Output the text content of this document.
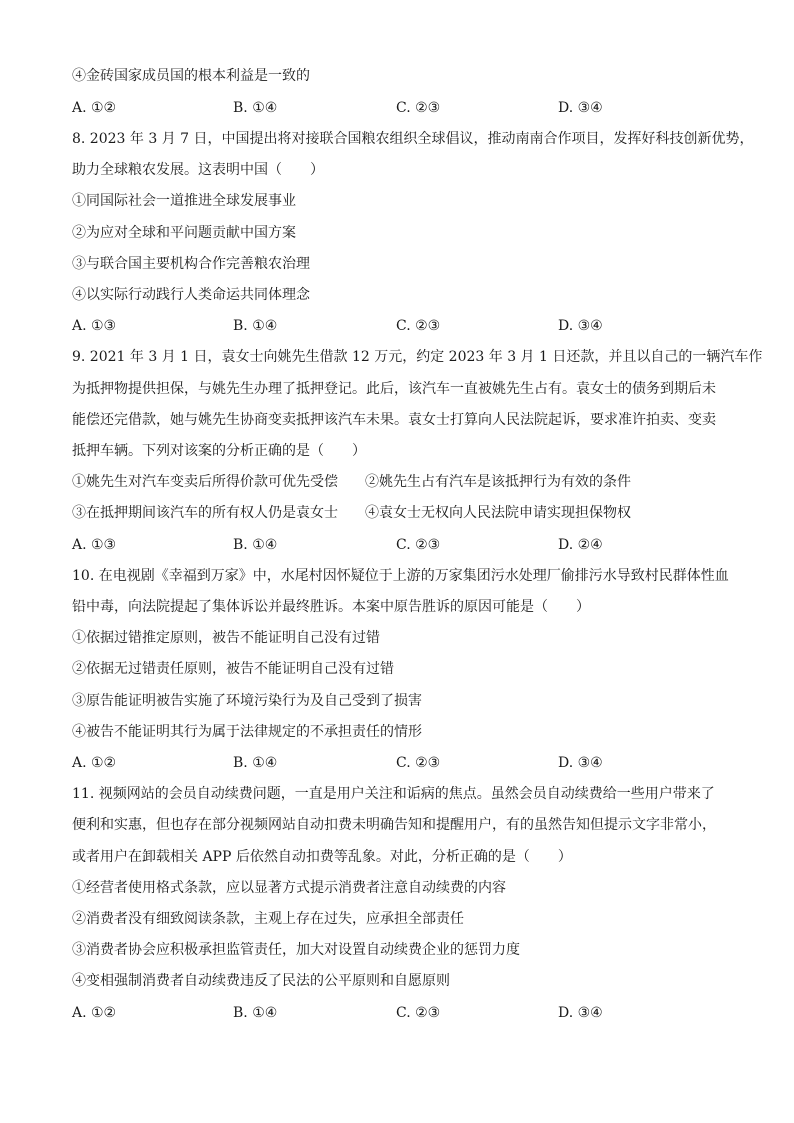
④金砖国家成员国的根本利益是一致的
A. ①②	B. ①④	C. ②③	D. ③④
8. 2023 年 3 月 7 日，中国提出将对接联合国粮农组织全球倡议，推动南南合作项目，发挥好科技创新优势，
助力全球粮农发展。这表明中国（　　）
①同国际社会一道推进全球发展事业
②为应对全球和平问题贡献中国方案
③与联合国主要机构合作完善粮农治理
④以实际行动践行人类命运共同体理念
A. ①③	B. ①④	C. ②③	D. ③④
9. 2021 年 3 月 1 日，袁女士向姚先生借款 12 万元，约定 2023 年 3 月 1 日还款，并且以自己的一辆汽车作
为抵押物提供担保，与姚先生办理了抵押登记。此后，该汽车一直被姚先生占有。袁女士的债务到期后未
能偿还完借款，她与姚先生协商变卖抵押该汽车未果。袁女士打算向人民法院起诉，要求准许拍卖、变卖
抵押车辆。下列对该案的分析正确的是（　　）
①姚先生对汽车变卖后所得价款可优先受偿 ②姚先生占有汽车是该抵押行为有效的条件
③在抵押期间该汽车的所有权人仍是袁女士 ④袁女士无权向人民法院申请实现担保物权
A. ①③	B. ①④	C. ②③	D. ②④
10. 在电视剧《幸福到万家》中，水尾村因怀疑位于上游的万家集团污水处理厂偷排污水导致村民群体性血
铅中毒，向法院提起了集体诉讼并最终胜诉。本案中原告胜诉的原因可能是（　　）
①依据过错推定原则，被告不能证明自己没有过错
②依据无过错责任原则，被告不能证明自己没有过错
③原告能证明被告实施了环境污染行为及自己受到了损害
④被告不能证明其行为属于法律规定的不承担责任的情形
A. ①②	B. ①④	C. ②③	D. ③④
11. 视频网站的会员自动续费问题，一直是用户关注和诟病的焦点。虽然会员自动续费给一些用户带来了
便利和实惠，但也存在部分视频网站自动扣费未明确告知和提醒用户，有的虽然告知但提示文字非常小，
或者用户在卸载相关 APP 后依然自动扣费等乱象。对此，分析正确的是（　　）
①经营者使用格式条款，应以显著方式提示消费者注意自动续费的内容
②消费者没有细致阅读条款，主观上存在过失，应承担全部责任
③消费者协会应积极承担监管责任，加大对设置自动续费企业的惩罚力度
④变相强制消费者自动续费违反了民法的公平原则和自愿原则
A. ①②	B. ①④	C. ②③	D. ③④
